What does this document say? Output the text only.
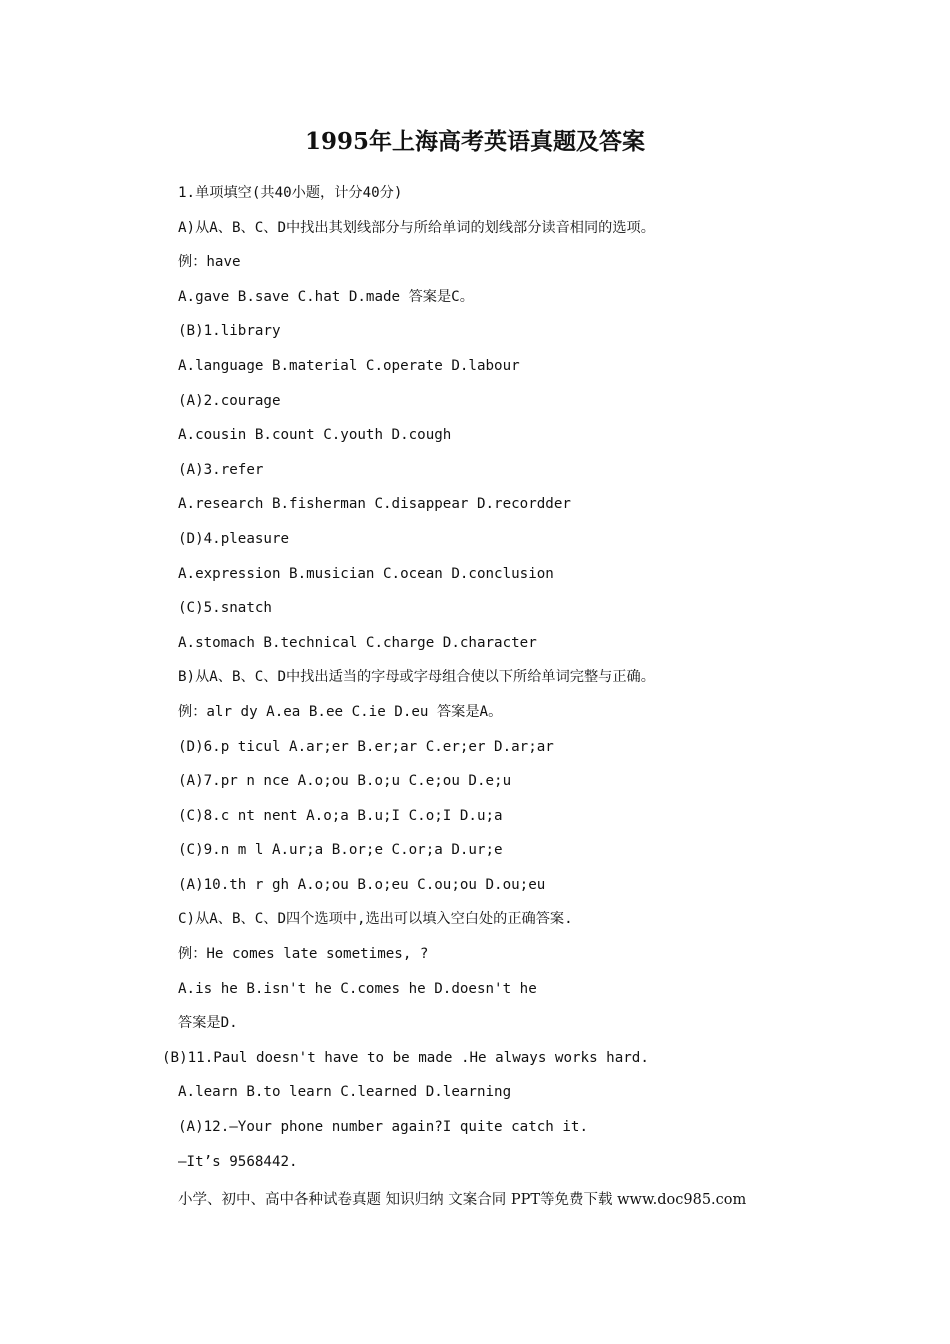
1995年上海高考英语真题及答案
1.单项填空(共40小题，计分40分)
A)从A、B、C、D中找出其划线部分与所给单词的划线部分读音相同的选项。
例：have
A.gave B.save C.hat D.made 答案是C。
(B)1.library
A.language B.material C.operate D.labour
(A)2.courage
A.cousin B.count C.youth D.cough
(A)3.refer
A.research B.fisherman C.disappear D.recordder
(D)4.pleasure
A.expression B.musician C.ocean D.conclusion
(C)5.snatch
A.stomach B.technical C.charge D.character
B)从A、B、C、D中找出适当的字母或字母组合使以下所给单词完整与正确。
例：alr dy A.ea B.ee C.ie D.eu 答案是A。
(D)6.p ticul A.ar;er B.er;ar C.er;er D.ar;ar
(A)7.pr n nce A.o;ou B.o;u C.e;ou D.e;u
(C)8.c nt nent A.o;a B.u;I C.o;I D.u;a
(C)9.n m l A.ur;a B.or;e C.or;a D.ur;e
(A)10.th r gh A.o;ou B.o;eu C.ou;ou D.ou;eu
C)从A、B、C、D四个选项中,选出可以填入空白处的正确答案.
例：He comes late sometimes, ?
A.is he B.isn't he C.comes he D.doesn't he
答案是D.
(B)11.Paul doesn't have to be made .He always works hard.
A.learn B.to learn C.learned D.learning
(A)12.—Your phone number again?I quite catch it.
—It’s 9568442.
小学、初中、高中各种试卷真题 知识归纳 文案合同 PPT等免费下载 www.doc985.com
